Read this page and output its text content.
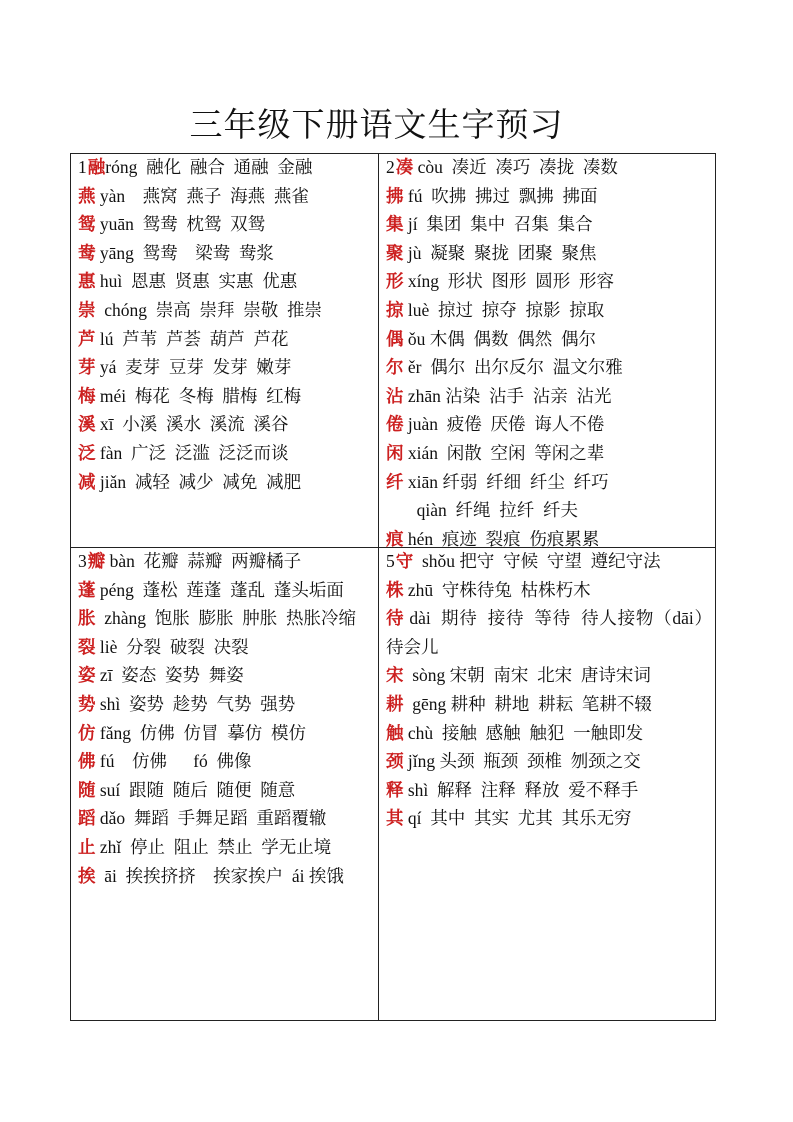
三年级下册语文生字预习
1融róng  融化  融合  通融  金融
燕 yàn    燕窝  燕子  海燕  燕雀
鸳 yuān  鸳鸯  枕鸳  双鸳
鸯 yāng  鸳鸯    梁鸯  鸯浆
惠 huì  恩惠  贤惠  实惠  优惠
崇  chóng  崇高  崇拜  崇敬  推崇
芦 lú  芦苇  芦荟  葫芦  芦花
芽 yá  麦芽  豆芽  发芽  嫩芽
梅 méi  梅花  冬梅  腊梅  红梅
溪 xī  小溪  溪水  溪流  溪谷
泛 fàn  广泛  泛滥  泛泛而谈
减 jiǎn  减轻  减少  减免  减肥
2凑 còu  凑近  凑巧  凑拢  凑数
拂 fú  吹拂  拂过  飘拂  拂面
集 jí  集团  集中  召集  集合
聚 jù  凝聚  聚拢  团聚  聚焦
形 xíng  形状  图形  圆形  形容
掠 luè  掠过  掠夺  掠影  掠取
偶 ǒu 木偶  偶数  偶然  偶尔
尔 ěr  偶尔  出尔反尔  温文尔雅
沾 zhān 沾染  沾手  沾亲  沾光
倦 juàn  疲倦  厌倦  诲人不倦
闲 xián  闲散  空闲  等闲之辈
纤 xiān 纤弱  纤细  纤尘  纤巧
qiàn  纤绳  拉纤  纤夫
痕 hén  痕迹  裂痕  伤痕累累
3瓣 bàn  花瓣  蒜瓣  两瓣橘子
蓬 péng  蓬松  莲蓬  蓬乱  蓬头垢面
胀  zhàng  饱胀  膨胀  肿胀  热胀冷缩
裂 liè  分裂  破裂  决裂
姿 zī  姿态  姿势  舞姿
势 shì  姿势  趁势  气势  强势
仿 fǎng  仿佛  仿冒  摹仿  模仿
佛 fú    仿佛      fó  佛像
随 suí  跟随  随后  随便  随意
蹈 dǎo  舞蹈  手舞足蹈  重蹈覆辙
止 zhǐ  停止  阻止  禁止  学无止境
挨  āi  挨挨挤挤    挨家挨户  ái 挨饿
5守  shǒu 把守  守候  守望  遵纪守法
株 zhū  守株待兔  枯株朽木
待 dài  期待  接待  等待  待人接物（dāi）待会儿
宋  sòng 宋朝  南宋  北宋  唐诗宋词
耕  gēng 耕种  耕地  耕耘  笔耕不辍
触 chù  接触  感触  触犯  一触即发
颈 jǐng 头颈  瓶颈  颈椎  刎颈之交
释 shì  解释  注释  释放  爱不释手
其 qí  其中  其实  尤其  其乐无穷
